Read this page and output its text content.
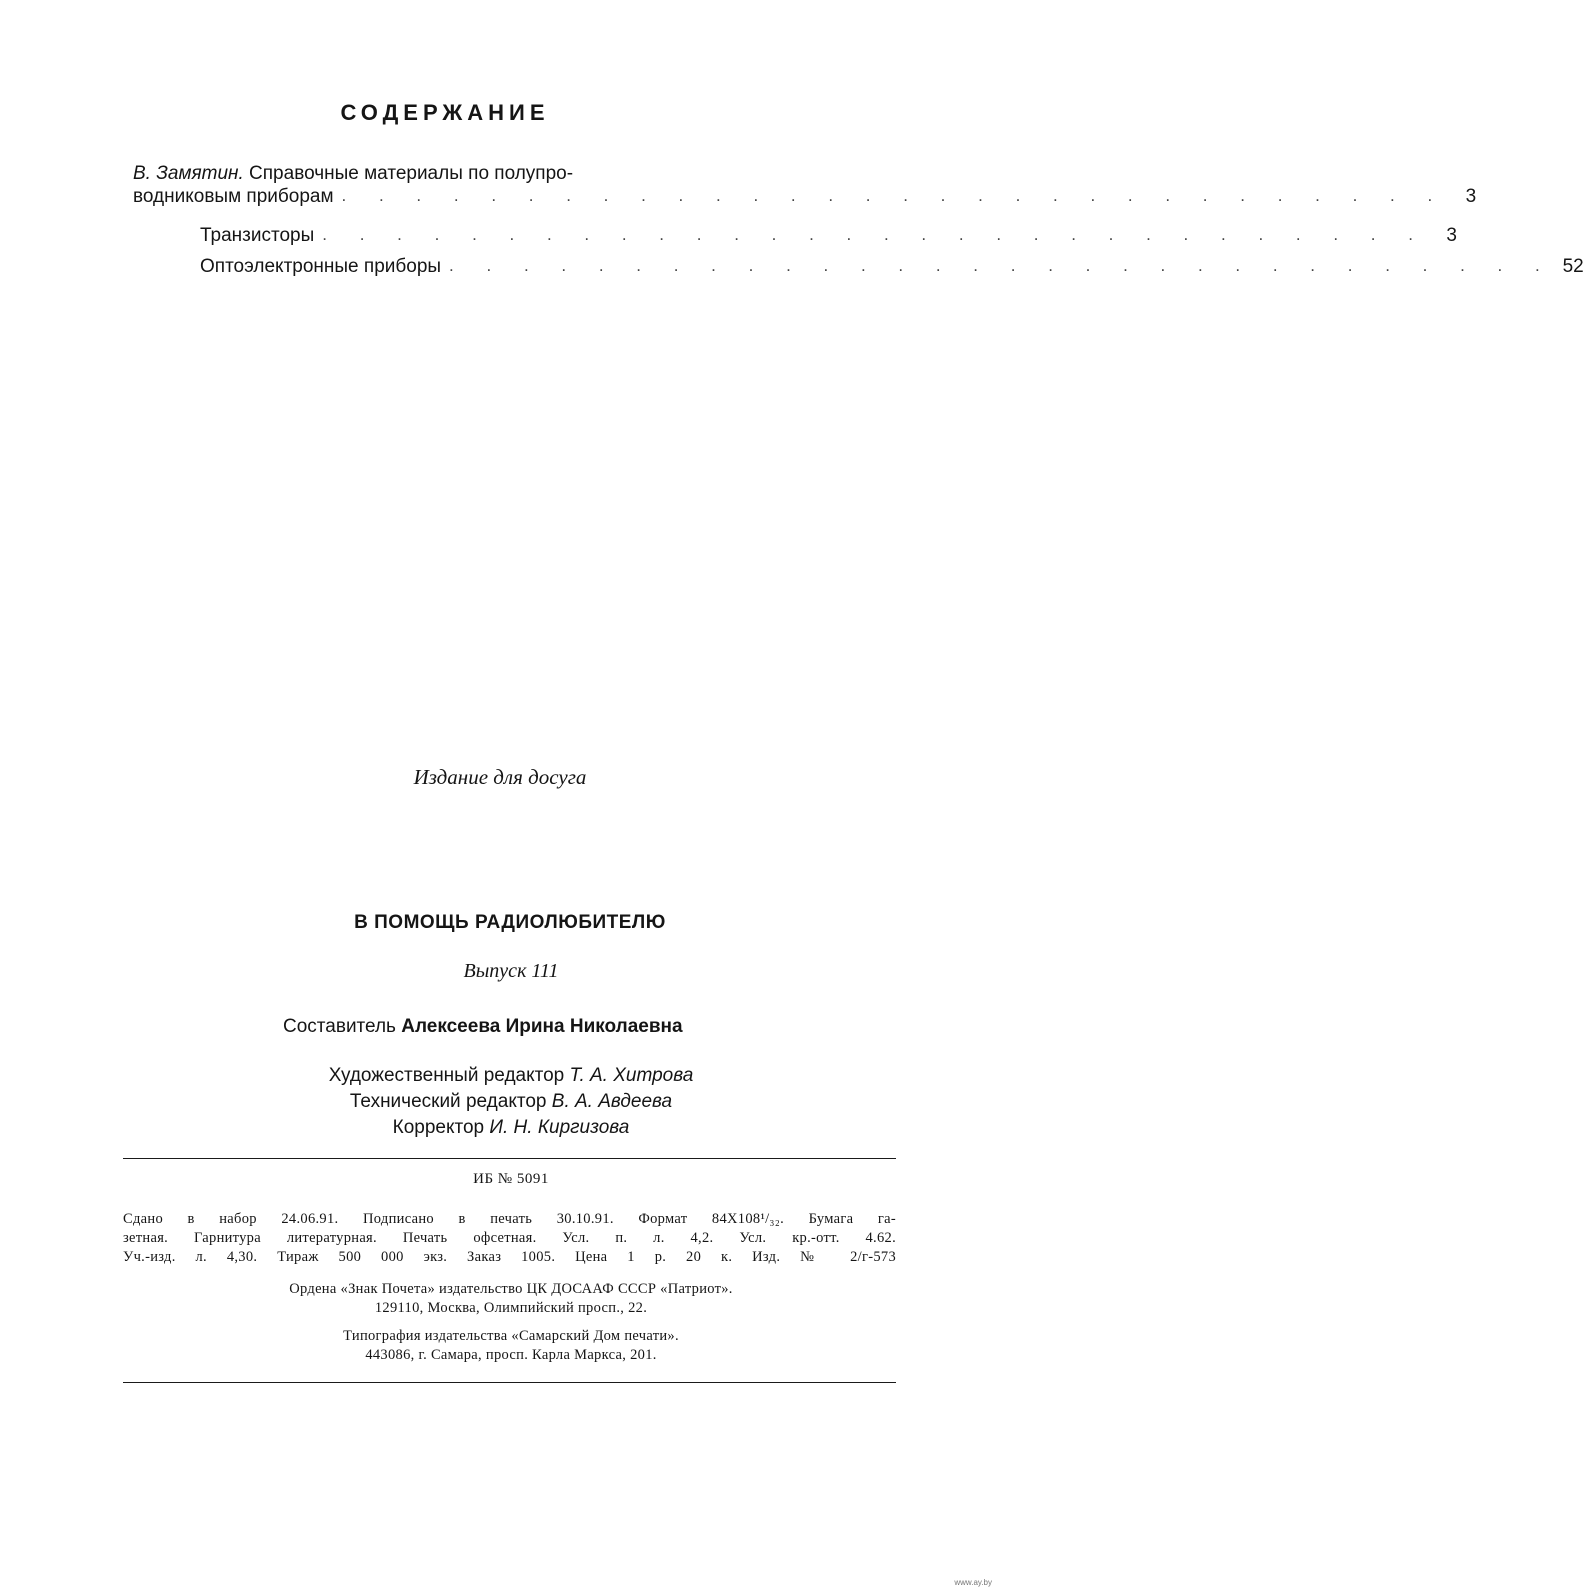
СОДЕРЖАНИЕ
В. Замятин. Справочные материалы по полупро-
водниковым приборам . . . . . . . . . . . . . . . . . . . . . . . . . . . . . .	3
Транзисторы . . . . . . . . . . . . . . . . . . . . . . . . . . . . . .	3
Оптоэлектронные приборы . . . . . . . . . . . . . . . . . . . . . . . . . . . . . . 52
Издание для досуга
В ПОМОЩЬ РАДИОЛЮБИТЕЛЮ
Выпуск 111
Составитель Алексеева Ирина Николаевна
Художественный редактор Т. А. Хитрова
Технический редактор В. А. Авдеева
Корректор И. Н. Киргизова
ИБ № 5091
Сдано в набор 24.06.91. Подписано в печать 30.10.91. Формат 84Х108¹/₃₂. Бумага га-
зетная. Гарнитура литературная. Печать офсетная. Усл. п. л. 4,2. Усл. кр.-отт. 4.62.
Уч.-изд. л. 4,30. Тираж 500 000 экз. Заказ 1005. Цена 1 р. 20 к. Изд. № 2/г-573
Ордена «Знак Почета» издательство ЦК ДОСААФ СССР «Патриот».
129110, Москва, Олимпийский просп., 22.
Типография издательства «Самарский Дом печати».
443086, г. Самара, просп. Карла Маркса, 201.
www.ay.by
